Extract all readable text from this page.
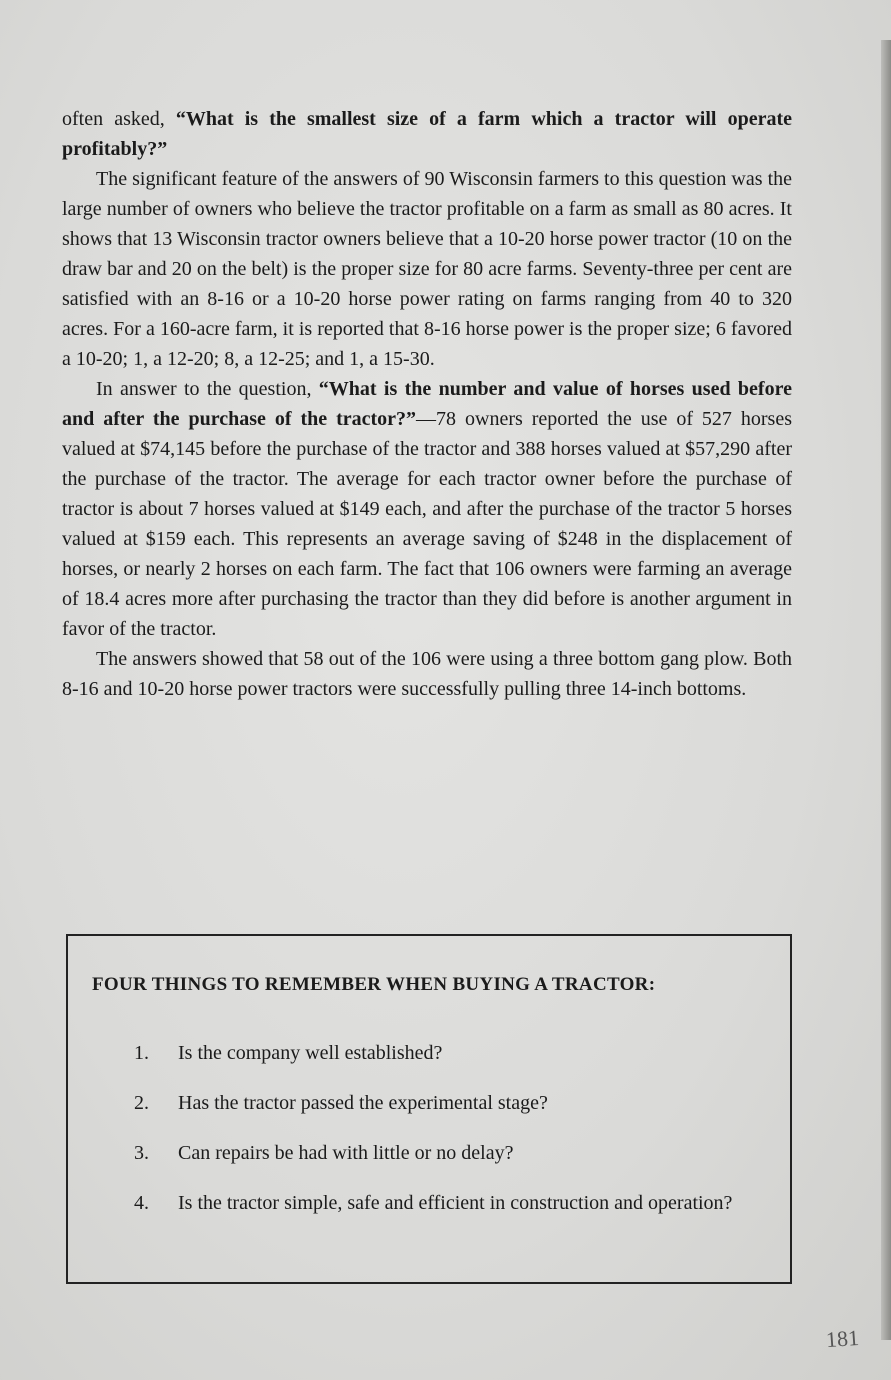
often asked, “What is the smallest size of a farm which a tractor will operate profitably?”

The significant feature of the answers of 90 Wisconsin farmers to this question was the large number of owners who believe the tractor profitable on a farm as small as 80 acres. It shows that 13 Wisconsin tractor owners believe that a 10-20 horse power tractor (10 on the draw bar and 20 on the belt) is the proper size for 80 acre farms. Seventy-three per cent are satisfied with an 8-16 or a 10-20 horse power rating on farms ranging from 40 to 320 acres. For a 160-acre farm, it is reported that 8-16 horse power is the proper size; 6 favored a 10-20; 1, a 12-20; 8, a 12-25; and 1, a 15-30.

In answer to the question, “What is the number and value of horses used before and after the purchase of the tractor?”—78 owners reported the use of 527 horses valued at $74,145 before the purchase of the tractor and 388 horses valued at $57,290 after the purchase of the tractor. The average for each tractor owner before the purchase of tractor is about 7 horses valued at $149 each, and after the purchase of the tractor 5 horses valued at $159 each. This represents an average saving of $248 in the displacement of horses, or nearly 2 horses on each farm. The fact that 106 owners were farming an average of 18.4 acres more after purchasing the tractor than they did before is another argument in favor of the tractor.

The answers showed that 58 out of the 106 were using a three bottom gang plow. Both 8-16 and 10-20 horse power tractors were successfully pulling three 14-inch bottoms.

FOUR THINGS TO REMEMBER WHEN BUYING A TRACTOR:
1. Is the company well established?
2. Has the tractor passed the experimental stage?
3. Can repairs be had with little or no delay?
4. Is the tractor simple, safe and efficient in construction and operation?
181
